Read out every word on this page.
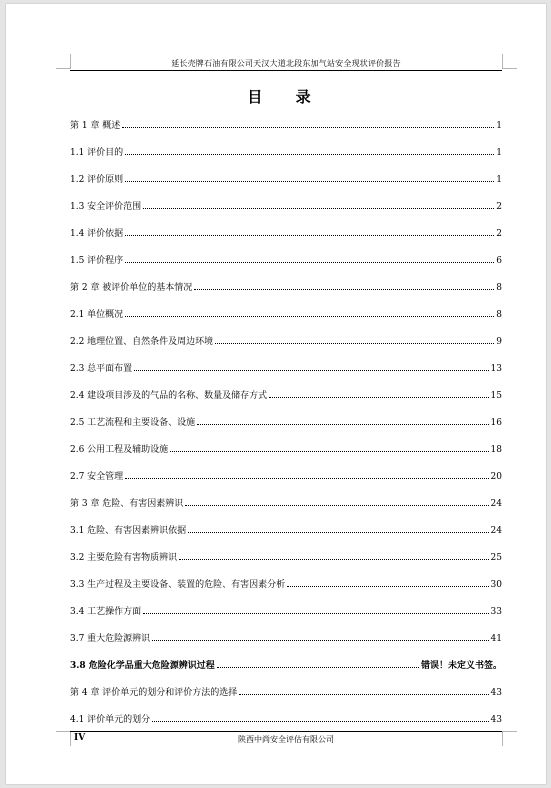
延长壳牌石油有限公司天汉大道北段东加气站安全现状评价报告
目 录
第 1 章 概述	1
1.1 评价目的	1
1.2 评价原则	1
1.3 安全评价范围	2
1.4 评价依据	2
1.5 评价程序	6
第 2 章 被评价单位的基本情况	8
2.1 单位概况	8
2.2 地理位置、自然条件及周边环境	9
2.3 总平面布置	13
2.4 建设项目涉及的气品的名称、数量及储存方式	15
2.5 工艺流程和主要设备、设施	16
2.6 公用工程及辅助设施	18
2.7 安全管理	20
第 3 章 危险、有害因素辨识	24
3.1 危险、有害因素辨识依据	24
3.2 主要危险有害物质辨识	25
3.3 生产过程及主要设备、装置的危险、有害因素分析	30
3.4 工艺操作方面	33
3.7 重大危险源辨识	41
3.8 危险化学品重大危险源辨识过程	错误！未定义书签。
第 4 章 评价单元的划分和评价方法的选择	43
4.1 评价单元的划分	43
IV	陕西中尚安全评估有限公司
